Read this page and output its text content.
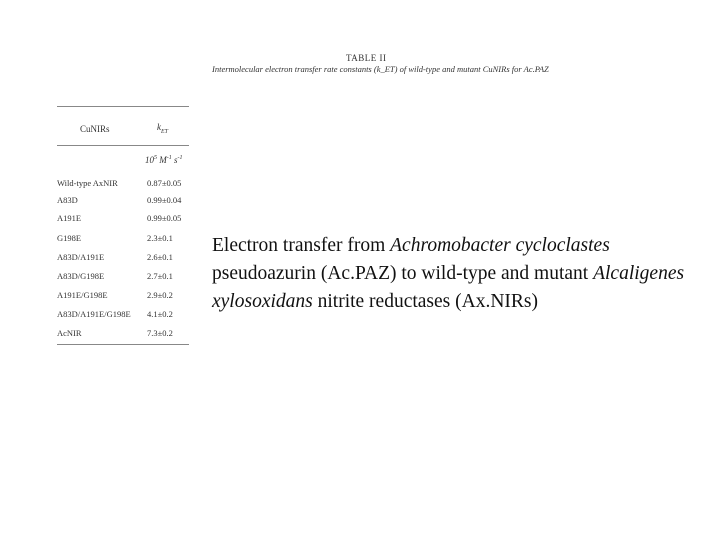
TABLE II
Intermolecular electron transfer rate constants (k_ET) of wild-type and mutant CuNIRs for Ac.PAZ
CuNIRs	$k_{ET}$
$10^5$ $M^{-1}$ $s^{-1}$
Wild-type AxNIR	0.87±0.05
A83D	0.99±0.04
A191E	0.99±0.05
G198E	2.3±0.1
A83D/A191E	2.6±0.1
A83D/G198E	2.7±0.1
A191E/G198E	2.9±0.2
A83D/A191E/G198E 4.1±0.2
AcNIR	7.3±0.2
Electron transfer from Achromobacter cycloclastes pseudoazurin (Ac.PAZ) to wild-type and mutant Alcaligenes xylosoxidans nitrite reductases (Ax.NIRs)
